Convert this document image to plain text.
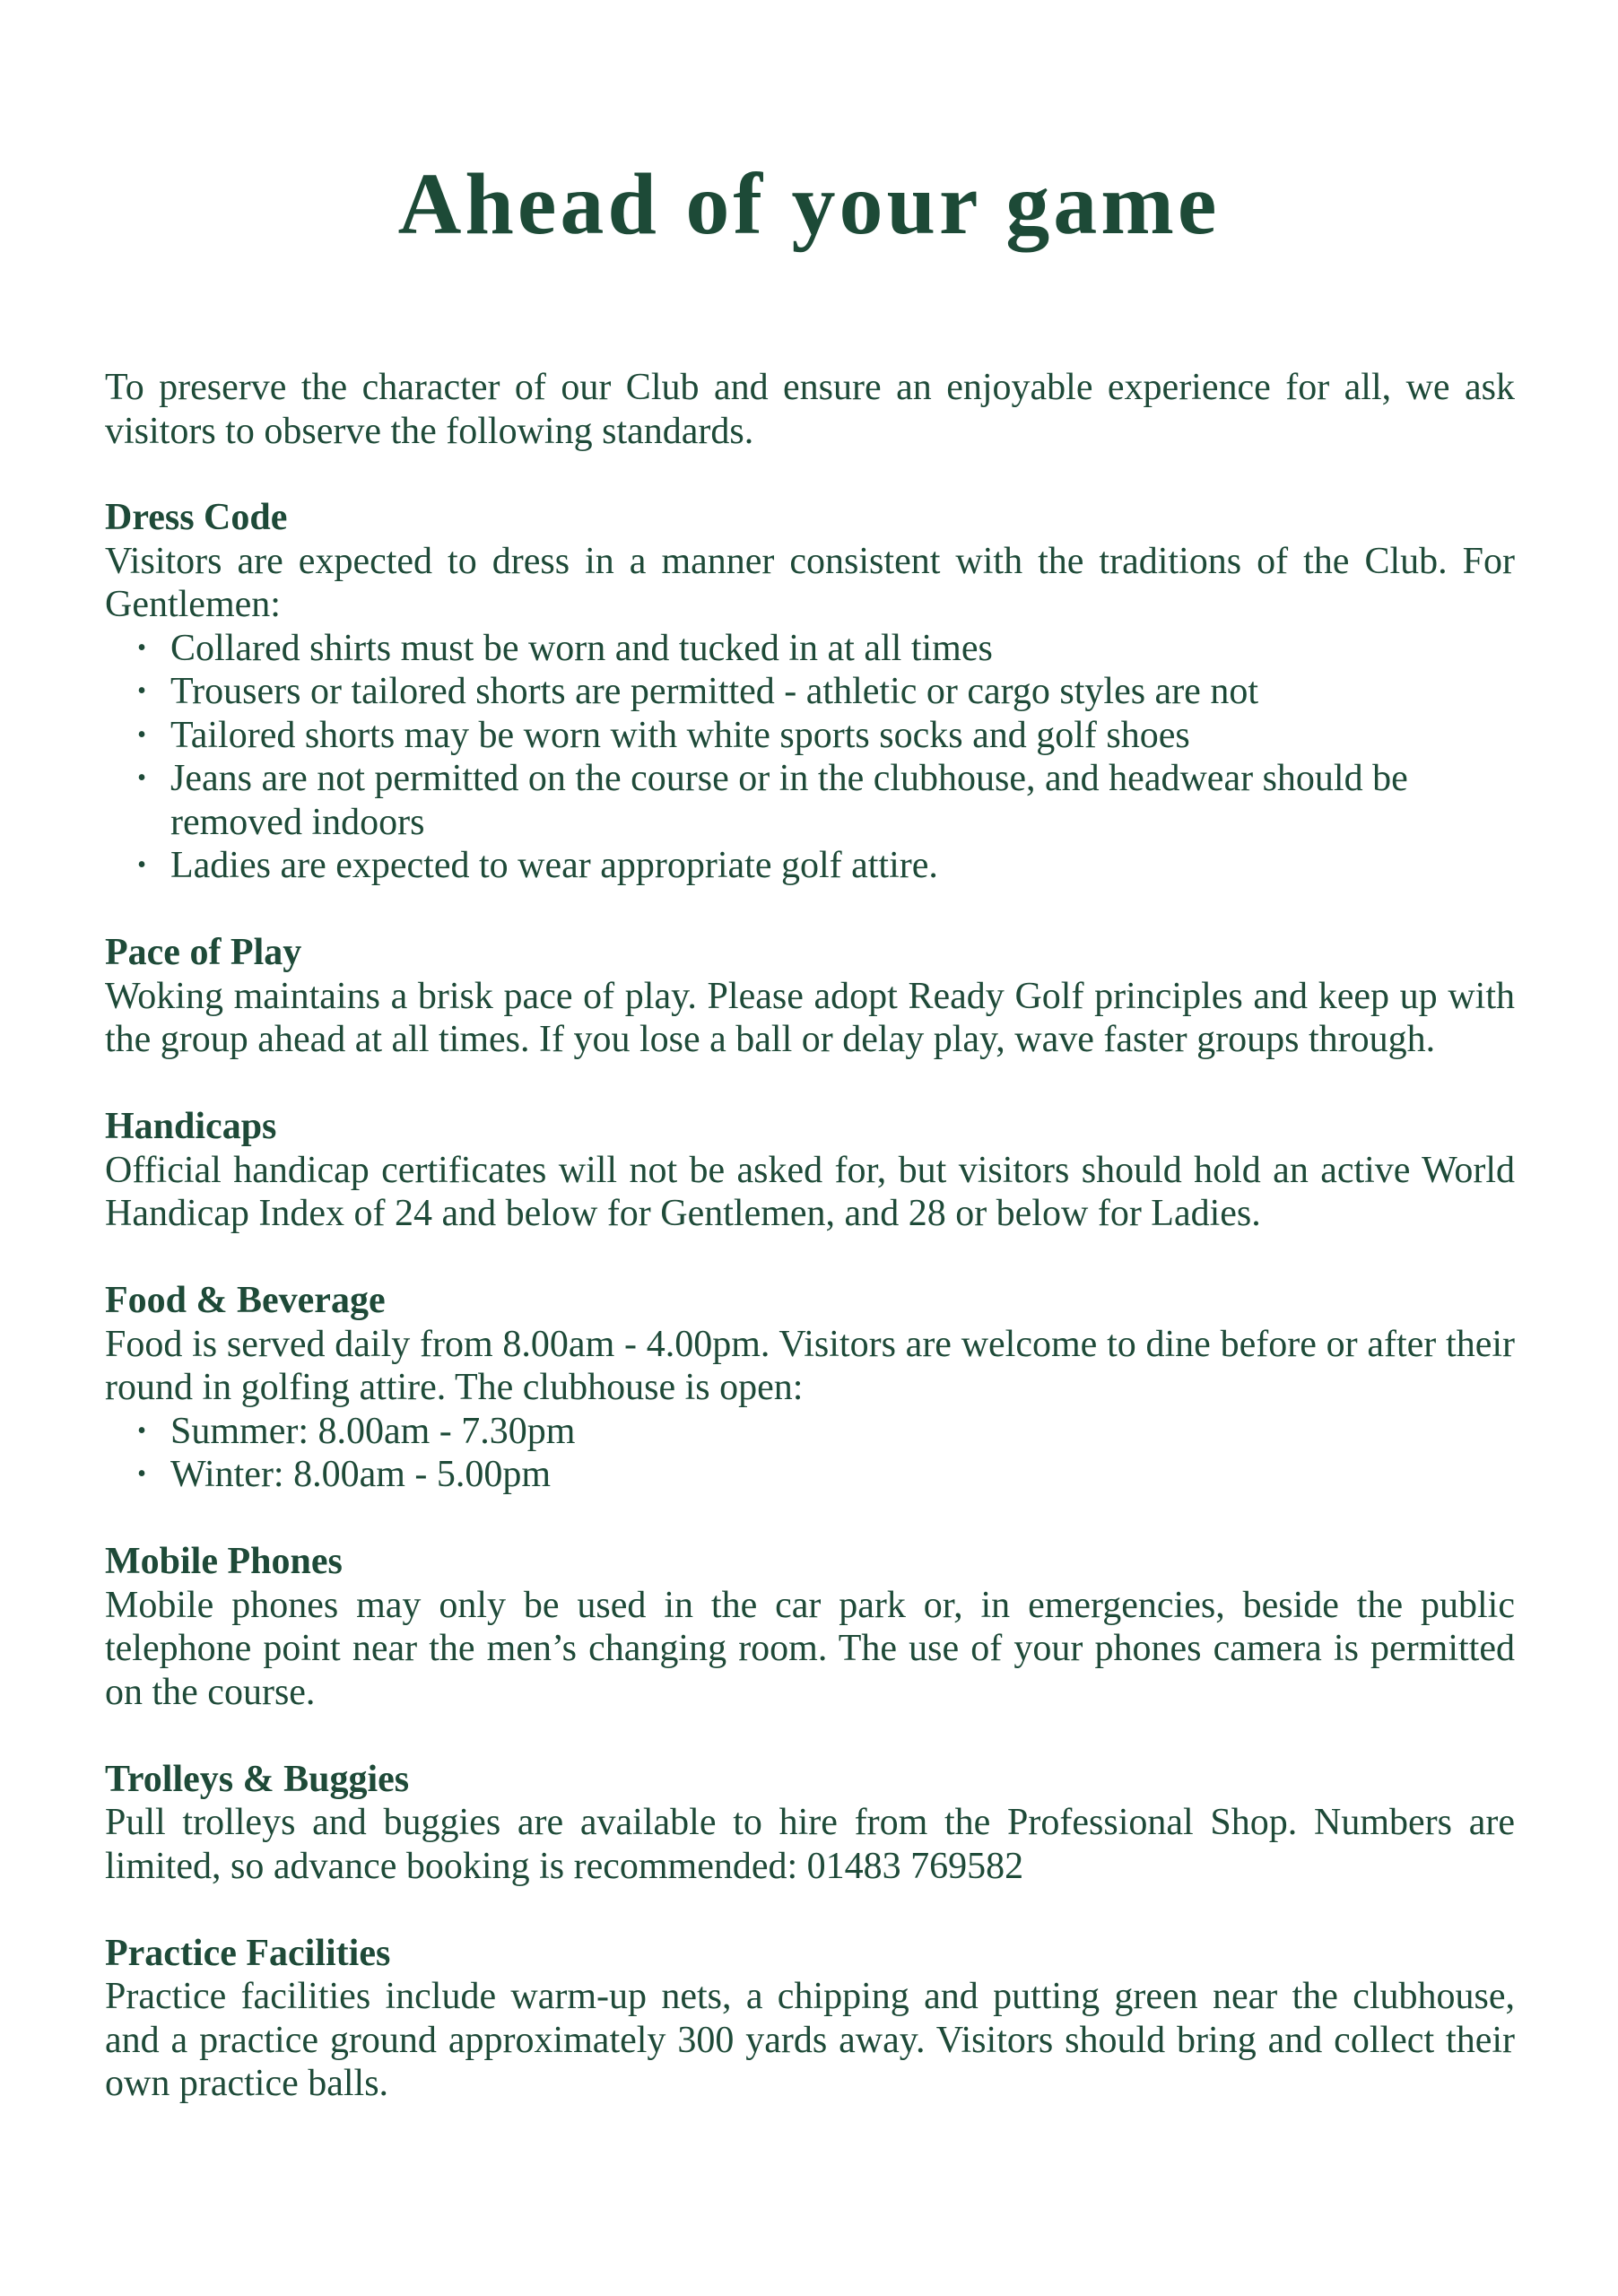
Ahead of your game

To preserve the character of our Club and ensure an enjoyable experience for all, we ask visitors to observe the following standards.

Dress Code

Visitors are expected to dress in a manner consistent with the traditions of the Club. For Gentlemen:

• Collared shirts must be worn and tucked in at all times
• Trousers or tailored shorts are permitted - athletic or cargo styles are not
• Tailored shorts may be worn with white sports socks and golf shoes
• Jeans are not permitted on the course or in the clubhouse, and headwear should be removed indoors
• Ladies are expected to wear appropriate golf attire.
Pace of Play

Woking maintains a brisk pace of play. Please adopt Ready Golf principles and keep up with the group ahead at all times. If you lose a ball or delay play, wave faster groups through.

Handicaps

Official handicap certificates will not be asked for, but visitors should hold an active World Handicap Index of 24 and below for Gentlemen, and 28 or below for Ladies.

Food & Beverage

Food is served daily from 8.00am - 4.00pm. Visitors are welcome to dine before or after their round in golfing attire. The clubhouse is open:

• Summer: 8.00am - 7.30pm
• Winter: 8.00am - 5.00pm
Mobile Phones

Mobile phones may only be used in the car park or, in emergencies, beside the public telephone point near the men’s changing room. The use of your phones camera is permitted on the course.

Trolleys & Buggies

Pull trolleys and buggies are available to hire from the Professional Shop. Numbers are limited, so advance booking is recommended: 01483 769582

Practice Facilities

Practice facilities include warm-up nets, a chipping and putting green near the clubhouse, and a practice ground approximately 300 yards away. Visitors should bring and collect their own practice balls.
